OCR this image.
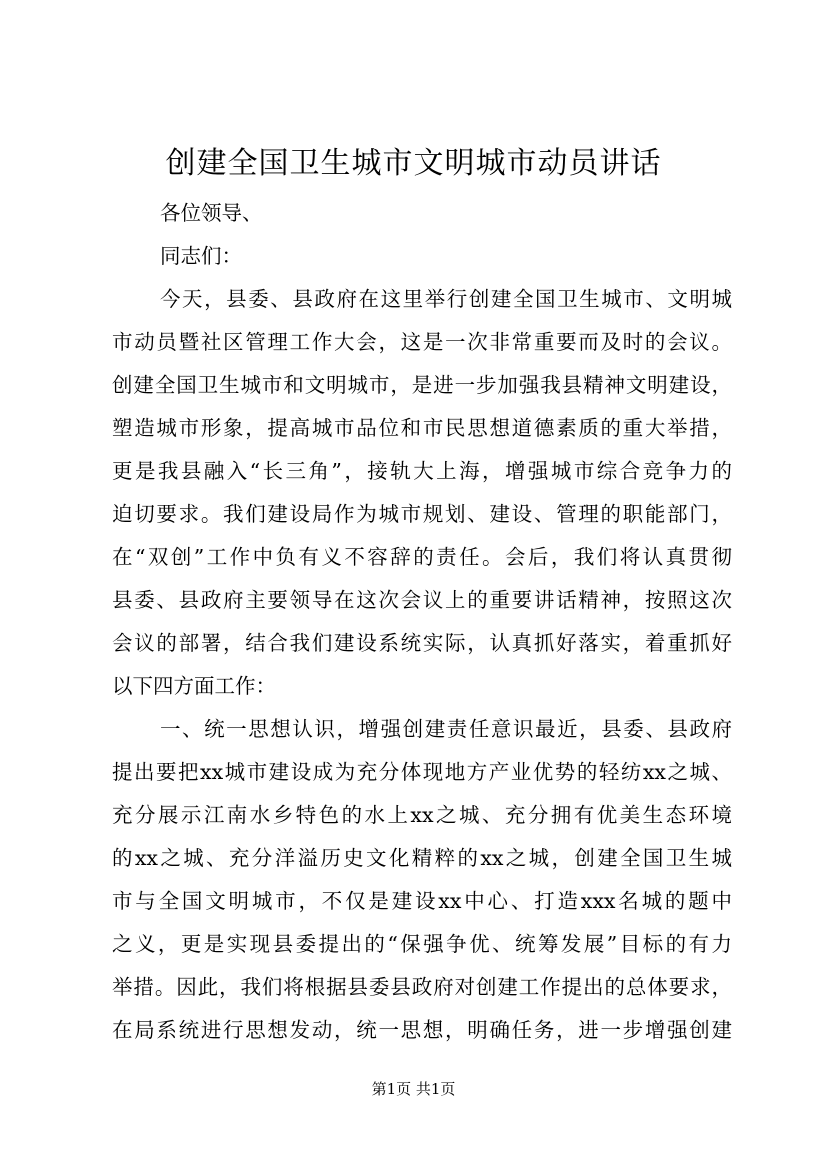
创建全国卫生城市文明城市动员讲话

各位领导、

同志们：

今天，县委、县政府在这里举行创建全国卫生城市、文明城

市动员暨社区管理工作大会，这是一次非常重要而及时的会议。

创建全国卫生城市和文明城市，是进一步加强我县精神文明建设，

塑造城市形象，提高城市品位和市民思想道德素质的重大举措，

更是我县融入“长三角”，接轨大上海，增强城市综合竞争力的

迫切要求。我们建设局作为城市规划、建设、管理的职能部门，

在“双创”工作中负有义不容辞的责任。会后，我们将认真贯彻

县委、县政府主要领导在这次会议上的重要讲话精神，按照这次

会议的部署，结合我们建设系统实际，认真抓好落实，着重抓好

以下四方面工作：

一、统一思想认识，增强创建责任意识最近，县委、县政府

提出要把xx城市建设成为充分体现地方产业优势的轻纺xx之城、

充分展示江南水乡特色的水上xx之城、充分拥有优美生态环境

的xx之城、充分洋溢历史文化精粹的xx之城，创建全国卫生城

市与全国文明城市，不仅是建设xx中心、打造xxx名城的题中

之义，更是实现县委提出的“保强争优、统筹发展”目标的有力

举措。因此，我们将根据县委县政府对创建工作提出的总体要求，

在局系统进行思想发动，统一思想，明确任务，进一步增强创建

第1页 共1页
